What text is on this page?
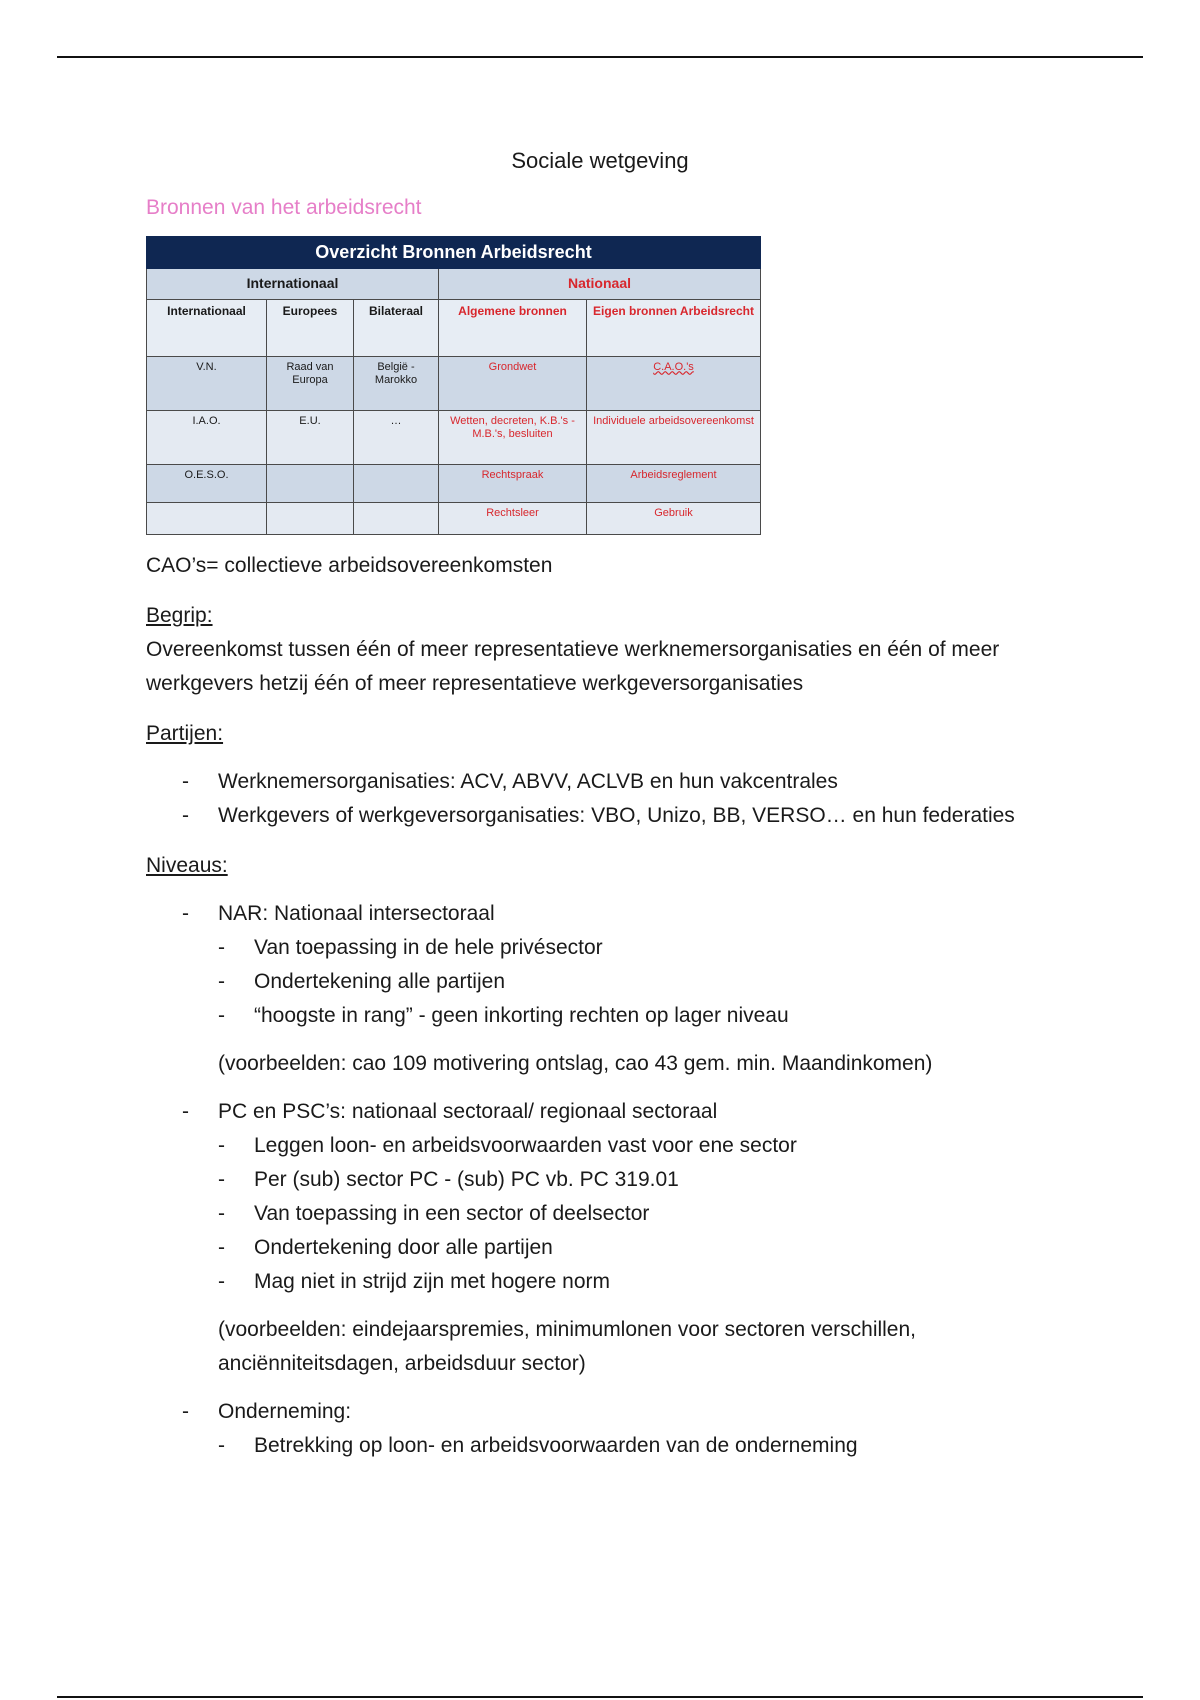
Sociale wetgeving
Bronnen van het arbeidsrecht
Overzicht Bronnen Arbeidsrecht				
Internationaal			Nationaal	
Internationaal	Europees	Bilateraal	Algemene bronnen	Eigen bronnen Arbeidsrecht
V.N.	Raad van Europa	België - Marokko	Grondwet	C.A.O.'s
I.A.O.	E.U.	…	Wetten, decreten, K.B.'s - M.B.'s, besluiten	Individuele arbeidsovereenkomst
O.E.S.O.			Rechtspraak	Arbeidsreglement
			Rechtsleer	Gebruik

CAO’s= collectieve arbeidsovereenkomsten

Begrip:

Overeenkomst tussen één of meer representatieve werknemersorganisaties en één of meer werkgevers hetzij één of meer representatieve werkgeversorganisaties

Partijen:

- Werknemersorganisaties: ACV, ABVV, ACLVB en hun vakcentrales
- Werkgevers of werkgeversorganisaties: VBO, Unizo, BB, VERSO… en hun federaties

Niveaus:

- NAR: Nationaal intersectoraal
- Van toepassing in de hele privésector
- Ondertekening alle partijen
- “hoogste in rang” - geen inkorting rechten op lager niveau
(voorbeelden: cao 109 motivering ontslag, cao 43 gem. min. Maandinkomen)
- PC en PSC’s: nationaal sectoraal/ regionaal sectoraal
- Leggen loon- en arbeidsvoorwaarden vast voor ene sector
- Per (sub) sector PC - (sub) PC vb. PC 319.01
- Van toepassing in een sector of deelsector
- Ondertekening door alle partijen
- Mag niet in strijd zijn met hogere norm
(voorbeelden: eindejaarspremies, minimumlonen voor sectoren verschillen, anciënniteitsdagen, arbeidsduur sector)
- Onderneming:
- Betrekking op loon- en arbeidsvoorwaarden van de onderneming
